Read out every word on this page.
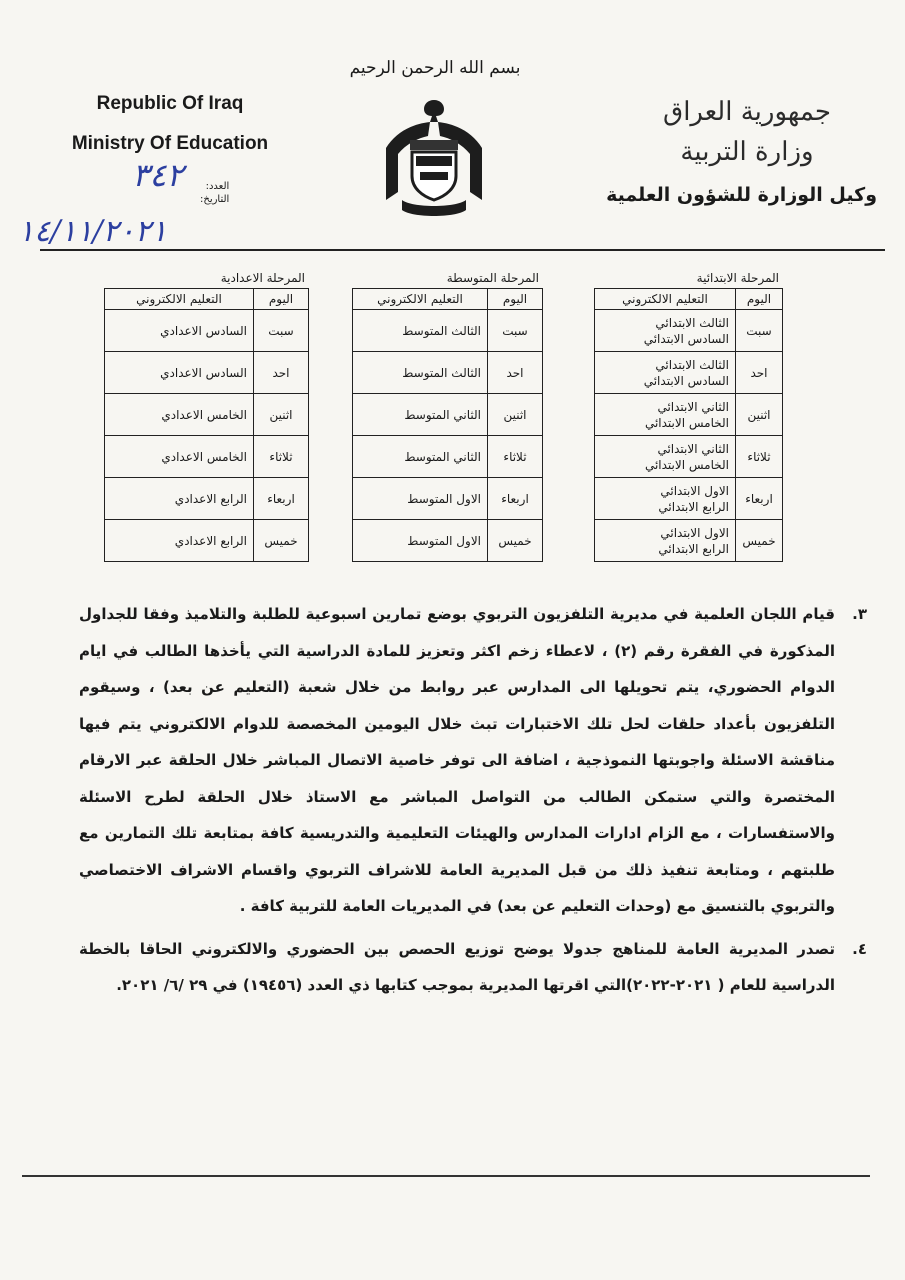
بسم الله الرحمن الرحيم
Republic Of Iraq
Ministry Of Education
جمهورية العراق
وزارة التربية
وكيل الوزارة للشؤون العلمية
العدد:
التاريخ:
٣٤٢
١٤/١١/٢٠٢١
المرحلة الابتدائية
اليوم	التعليم الالكتروني
سبت	الثالث الابتدائي
السادس الابتدائي

احد	الثالث الابتدائي
السادس الابتدائي

اثنين	الثاني الابتدائي
الخامس الابتدائي

ثلاثاء	الثاني الابتدائي
الخامس الابتدائي

اربعاء	الاول الابتدائي
الرابع الابتدائي

خميس	الاول الابتدائي
الرابع الابتدائي
المرحلة المتوسطة
اليوم	التعليم الالكتروني
سبت	الثالث المتوسط
احد	الثالث المتوسط
اثنين	الثاني المتوسط
ثلاثاء	الثاني المتوسط
اربعاء	الاول المتوسط
خميس	الاول المتوسط
المرحلة الاعدادية
اليوم	التعليم الالكتروني
سبت	السادس الاعدادي
احد	السادس الاعدادي
اثنين	الخامس الاعدادي
ثلاثاء	الخامس الاعدادي
اربعاء	الرابع الاعدادي
خميس	الرابع الاعدادي

٣.
قيام اللجان العلمية في مديرية التلفزيون التربوي بوضع تمارين اسبوعية للطلبة والتلاميذ وفقا للجداول المذكورة في الفقرة رقم (٢) ، لاعطاء زخم اكثر وتعزيز للمادة الدراسية التي يأخذها الطالب في ايام الدوام الحضوري، يتم تحويلها الى المدارس عبر روابط من خلال شعبة (التعليم عن بعد) ، وسيقوم التلفزيون بأعداد حلقات لحل تلك الاختبارات تبث خلال اليومين المخصصة للدوام الالكتروني يتم فيها مناقشة الاسئلة واجوبتها النموذجية ، اضافة الى توفر خاصية الاتصال المباشر خلال الحلقة عبر الارقام المختصرة والتي ستمكن الطالب من التواصل المباشر مع الاستاذ خلال الحلقة لطرح الاسئلة والاستفسارات ، مع الزام ادارات المدارس والهيئات التعليمية والتدريسية كافة بمتابعة تلك التمارين مع طلبتهم ، ومتابعة تنفيذ ذلك من قبل المديرية العامة للاشراف التربوي واقسام الاشراف الاختصاصي والتربوي بالتنسيق مع (وحدات التعليم عن بعد) في المديريات العامة للتربية كافة .

٤.
تصدر المديرية العامة للمناهج جدولا يوضح توزيع الحصص بين الحضوري والالكتروني الحاقا بالخطة الدراسية للعام ( ٢٠٢١-٢٠٢٢)التي اقرتها المديرية بموجب كتابها ذي العدد (١٩٤٥٦) في ٢٩ /٦/ ٢٠٢١.
